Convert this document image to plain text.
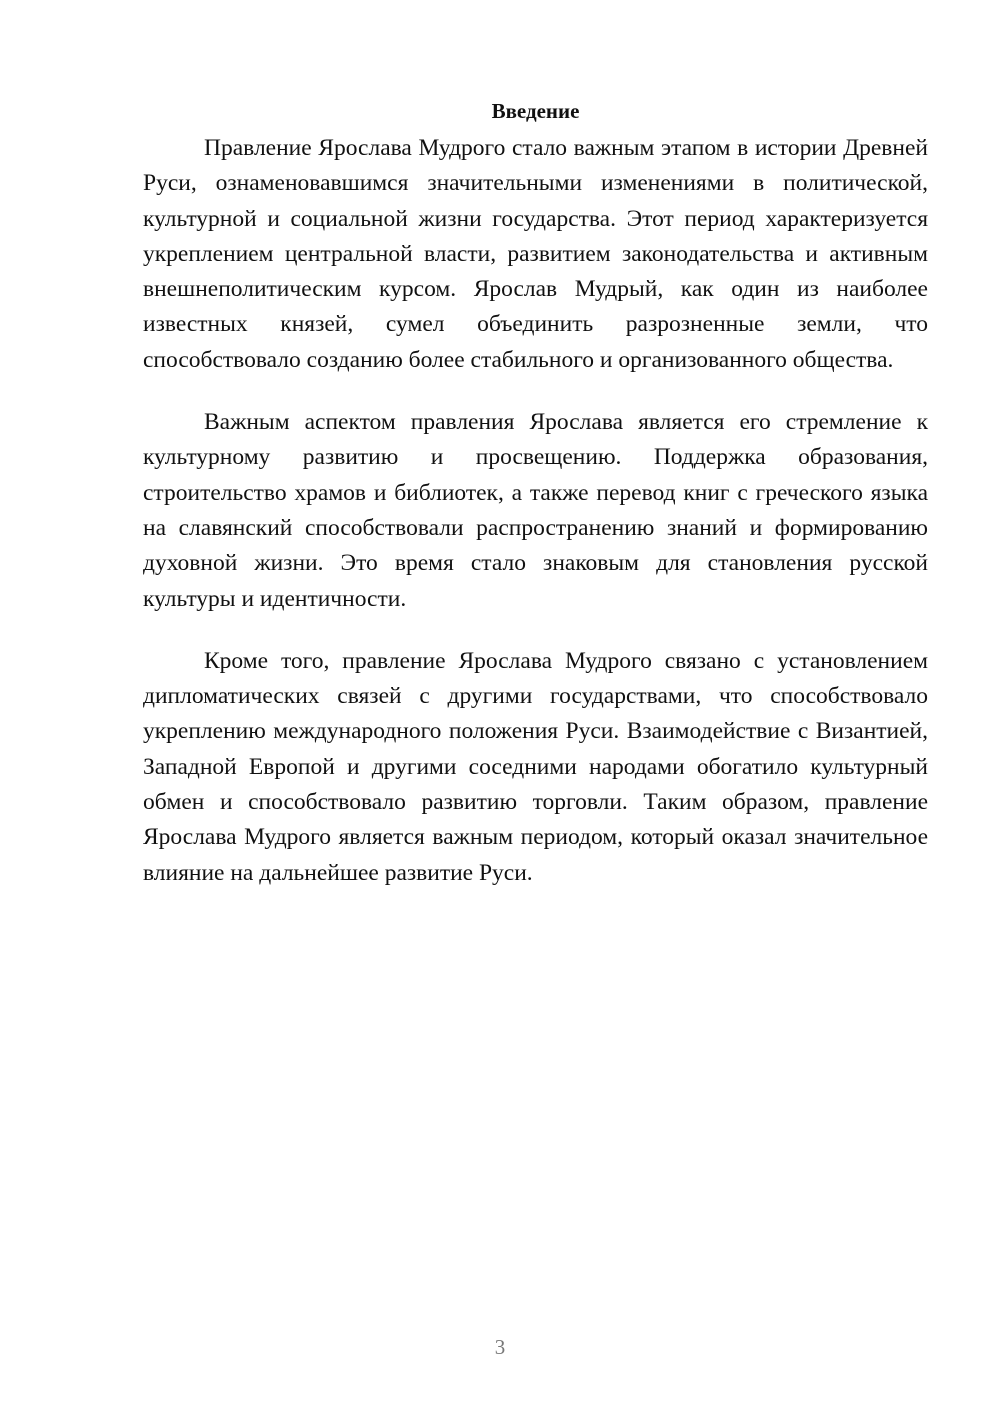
Введение

Правление Ярослава Мудрого стало важным этапом в истории Древней Руси, ознаменовавшимся значительными изменениями в политической, культурной и социальной жизни государства. Этот период характеризуется укреплением центральной власти, развитием законодательства и активным внешнеполитическим курсом. Ярослав Мудрый, как один из наиболее известных князей, сумел объединить разрозненные земли, что способствовало созданию более стабильного и организованного общества.

Важным аспектом правления Ярослава является его стремление к культурному развитию и просвещению. Поддержка образования, строительство храмов и библиотек, а также перевод книг с греческого языка на славянский способствовали распространению знаний и формированию духовной жизни. Это время стало знаковым для становления русской культуры и идентичности.

Кроме того, правление Ярослава Мудрого связано с установлением дипломатических связей с другими государствами, что способствовало укреплению международного положения Руси. Взаимодействие с Византией, Западной Европой и другими соседними народами обогатило культурный обмен и способствовало развитию торговли. Таким образом, правление Ярослава Мудрого является важным периодом, который оказал значительное влияние на дальнейшее развитие Руси.

3
